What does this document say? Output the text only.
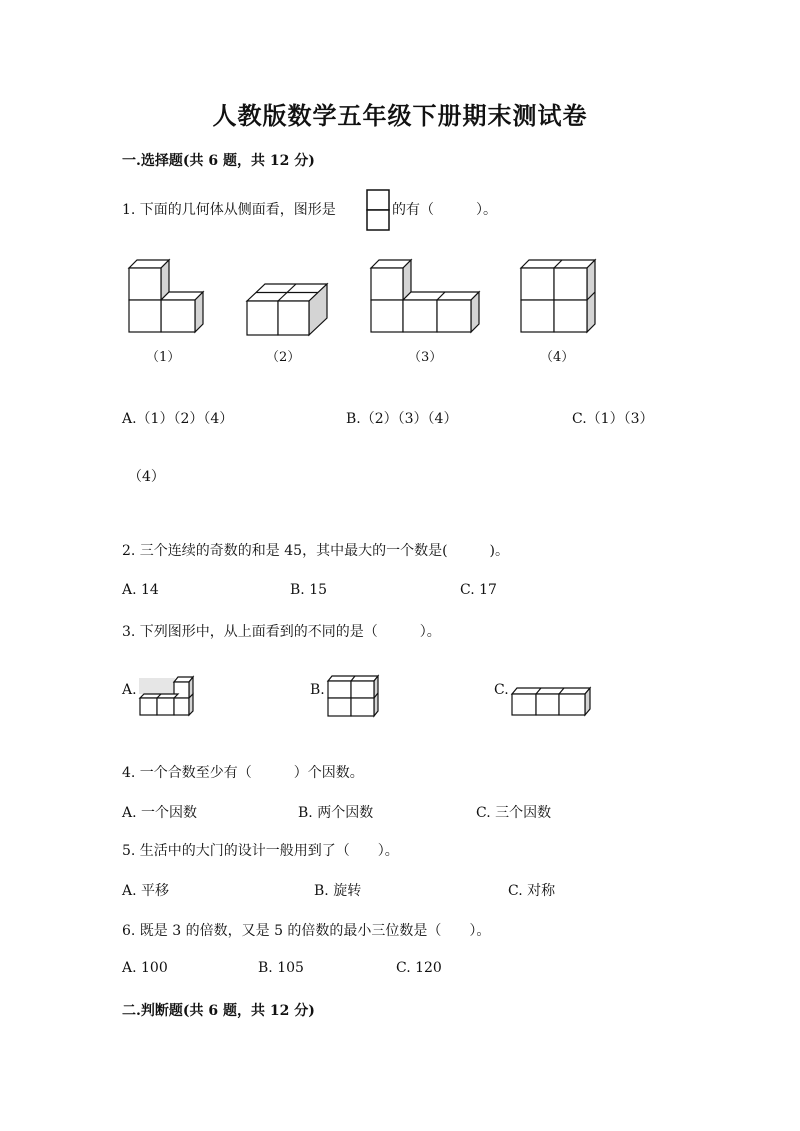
人教版数学五年级下册期末测试卷
一.选择题(共 6 题，共 12 分)
1. 下面的几何体从侧面看，图形是	的有（　　　）。
（1）	（2）	（3）	（4）
A.（1）（2）（4）	B.（2）（3）（4）	C.（1）（3）
（4）
2. 三个连续的奇数的和是 45，其中最大的一个数是(　　　)。
A. 14	B. 15	C. 17
3. 下列图形中，从上面看到的不同的是（　　　）。
A.	B.	C.
4. 一个合数至少有（　　　）个因数。
A. 一个因数	B. 两个因数	C. 三个因数
5. 生活中的大门的设计一般用到了（　　）。
A. 平移	B. 旋转	C. 对称
6. 既是 3 的倍数，又是 5 的倍数的最小三位数是（　　）。
A. 100	B. 105	C. 120
二.判断题(共 6 题，共 12 分)
